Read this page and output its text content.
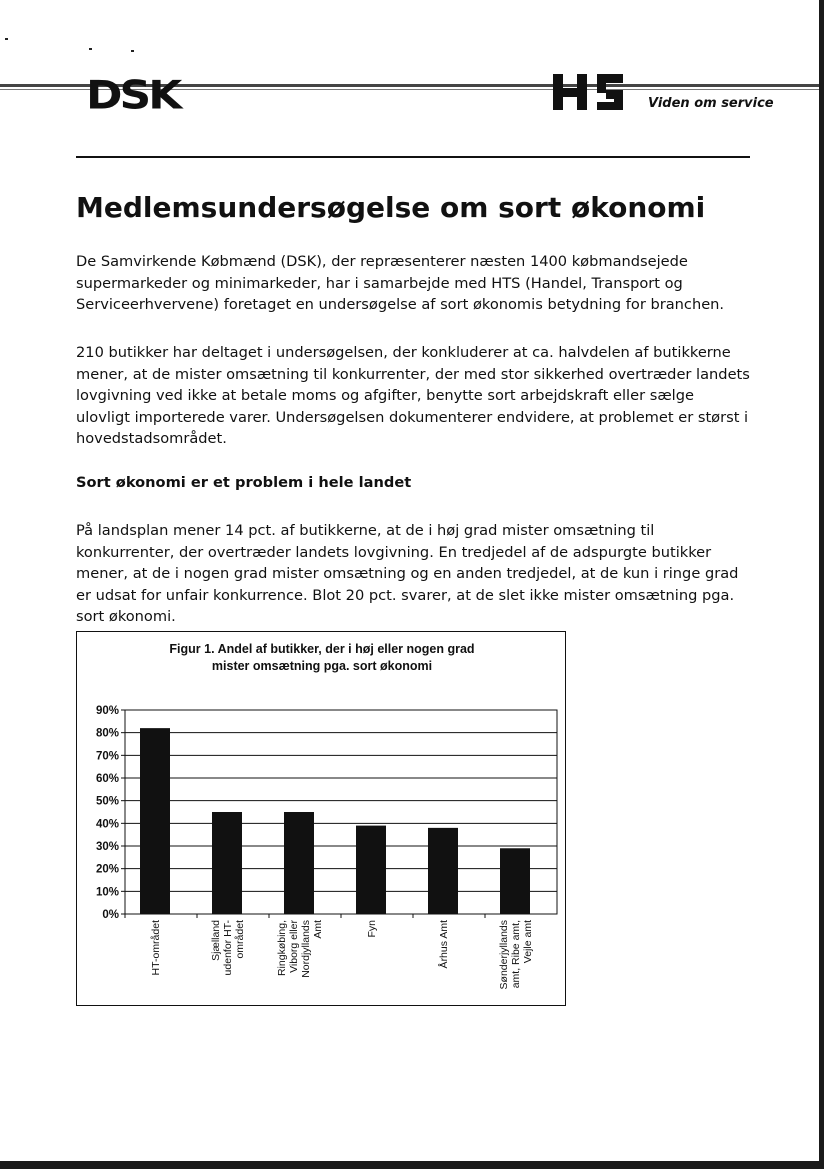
DSK	Viden om service
Medlemsundersøgelse om sort økonomi

De Samvirkende Købmænd (DSK), der repræsenterer næsten 1400 købmandsejede supermarkeder og minimarkeder, har i samarbejde med HTS (Handel, Transport og Serviceerhvervene) foretaget en undersøgelse af sort økonomis betydning for branchen.

210 butikker har deltaget i undersøgelsen, der konkluderer at ca. halvdelen af butikkerne mener, at de mister omsætning til konkurrenter, der med stor sikkerhed overtræder landets lovgivning ved ikke at betale moms og afgifter, benytte sort arbejdskraft eller sælge ulovligt importerede varer. Undersøgelsen dokumenterer endvidere, at problemet er størst i hovedstadsområdet.

Sort økonomi er et problem i hele landet

På landsplan mener 14 pct. af butikkerne, at de i høj grad mister omsætning til konkurrenter, der overtræder landets lovgivning. En tredjedel af de adspurgte butikker mener, at de i nogen grad mister omsætning og en anden tredjedel, at de kun i ringe grad er udsat for unfair konkurrence. Blot 20 pct. svarer, at de slet ikke mister omsætning pga. sort økonomi.

Figur 1. Andel af butikker, der i høj eller nogen grad
mister omsætning pga. sort økonomi
0%
10%
20%
30%
40%
50%
60%
70%
80%
90%
HT-området	Sjælland udenfor HT- området	Ringkøbing, Viborg eller Nordjyllands Amt	Fyn	Århus Amt	Sønderjyllands amt, Ribe amt, Vejle amt
